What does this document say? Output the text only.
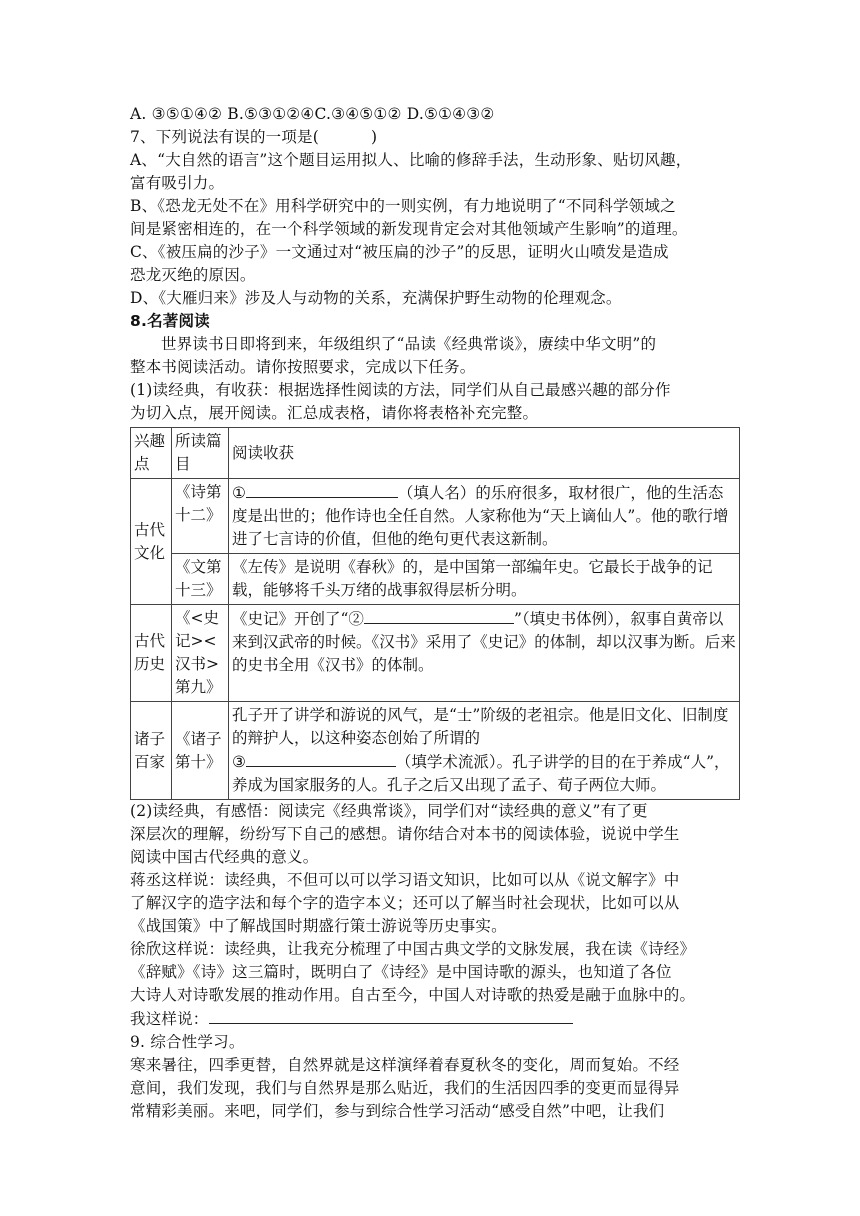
A. ③⑤①④② B.⑤③①②④C.③④⑤①② D.⑤①④③②

7、下列说法有误的一项是(	)

A、“大自然的语言”这个题目运用拟人、比喻的修辞手法，生动形象、贴切风趣，

富有吸引力。

B、《恐龙无处不在》用科学研究中的一则实例，有力地说明了“不同科学领域之

间是紧密相连的，在一个科学领域的新发现肯定会对其他领域产生影响”的道理。

C、《被压扁的沙子》一文通过对“被压扁的沙子”的反思，证明火山喷发是造成

恐龙灭绝的原因。

D、《大雁归来》涉及人与动物的关系，充满保护野生动物的伦理观念。

8.名著阅读

世界读书日即将到来，年级组织了“品读《经典常谈》，赓续中华文明”的

整本书阅读活动。请你按照要求，完成以下任务。

(1)读经典，有收获：根据选择性阅读的方法，同学们从自己最感兴趣的部分作

为切入点，展开阅读。汇总成表格，请你将表格补充完整。

兴趣点	所读篇目	阅读收获
古代文化	《诗第十二》	① （填人名）的乐府很多，取材很广，他的生活态度是出世的；他作诗也全任自然。人家称他为“天上谪仙人”。他的歌行增进了七言诗的价值，但他的绝句更代表这新制。
	《文第十三》	《左传》是说明《春秋》的，是中国第一部编年史。它最长于战争的记载，能够将千头万绪的战事叙得层析分明。
古代历史	《<史记><汉书>第九》	《史记》开创了“② ”（填史书体例），叙事自黄帝以来到汉武帝的时候。《汉书》采用了《史记》的体制，却以汉事为断。后来的史书全用《汉书》的体制。
诸子百家	《诸子第十》	孔子开了讲学和游说的风气，是“士”阶级的老祖宗。他是旧文化、旧制度的辩护人，以这种姿态创始了所谓的
③ （填学术流派）。孔子讲学的目的在于养成“人”，养成为国家服务的人。孔子之后又出现了孟子、荀子两位大师。

(2)读经典，有感悟：阅读完《经典常谈》，同学们对“读经典的意义”有了更

深层次的理解，纷纷写下自己的感想。请你结合对本书的阅读体验，说说中学生

阅读中国古代经典的意义。

蒋丞这样说：读经典，不但可以可以学习语文知识，比如可以从《说文解字》中

了解汉字的造字法和每个字的造字本义；还可以了解当时社会现状，比如可以从

《战国策》中了解战国时期盛行策士游说等历史事实。

徐欣这样说：读经典，让我充分梳理了中国古典文学的文脉发展，我在读《诗经》

《辞赋》《诗》这三篇时，既明白了《诗经》是中国诗歌的源头，也知道了各位

大诗人对诗歌发展的推动作用。自古至今，中国人对诗歌的热爱是融于血脉中的。

我这样说：

9. 综合性学习。

寒来暑往，四季更替，自然界就是这样演绎着春夏秋冬的变化，周而复始。不经

意间，我们发现，我们与自然界是那么贴近，我们的生活因四季的变更而显得异

常精彩美丽。来吧，同学们，参与到综合性学习活动“感受自然”中吧，让我们
